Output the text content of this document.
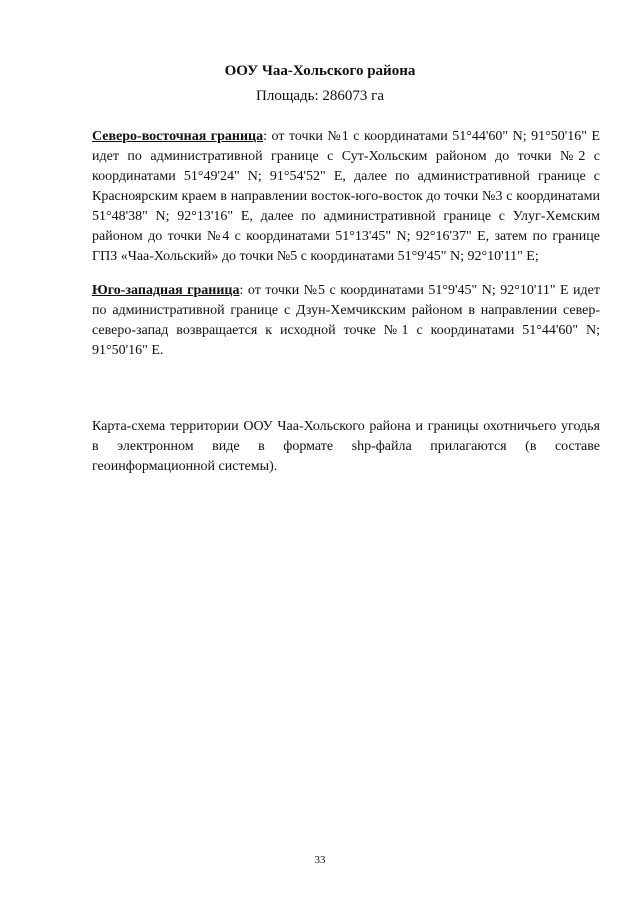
ООУ Чаа-Хольского района
Площадь: 286073 га

Северо-восточная граница: от точки №1 с координатами 51°44'60" N; 91°50'16" E идет по административной границе с Сут-Хольским районом до точки №2 с координатами 51°49'24" N; 91°54'52" E, далее по административной границе с Красноярским краем в направлении восток-юго-восток до точки №3 с координатами 51°48'38" N; 92°13'16" E, далее по административной границе с Улуг-Хемским районом до точки №4 с координатами 51°13'45" N; 92°16'37" E, затем по границе ГПЗ «Чаа-Хольский» до точки №5 с координатами 51°9'45" N; 92°10'11" E;

Юго-западная граница: от точки №5 с координатами 51°9'45" N; 92°10'11" E идет по административной границе с Дзун-Хемчикским районом в направлении север-северо-запад возвращается к исходной точке №1 с координатами 51°44'60" N; 91°50'16" E.

Карта-схема территории ООУ Чаа-Хольского района и границы охотничьего угодья в электронном виде в формате shp-файла прилагаются (в составе геоинформационной системы).

33
